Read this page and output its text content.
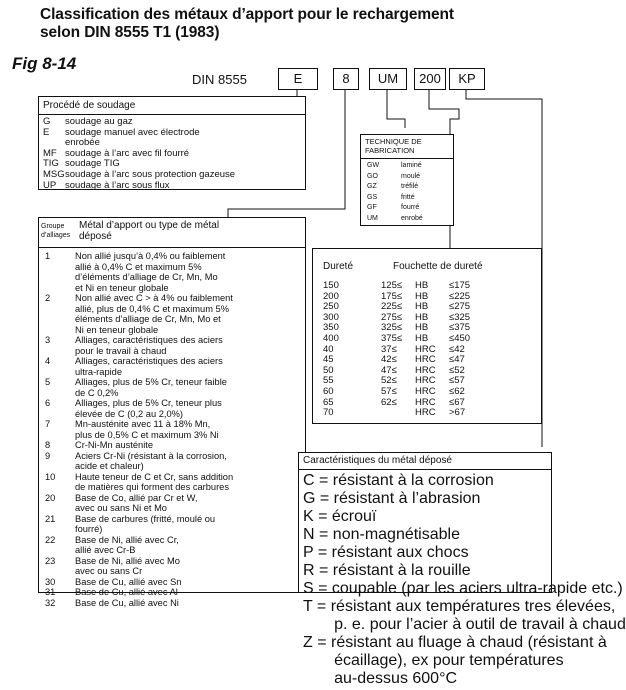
Classification des métaux d’apport pour le rechargement
selon DIN 8555 T1 (1983)
Fig 8-14
DIN 8555	E	8	UM	200	KP
Procédé de soudage
G	soudage au gaz
E	soudage manuel avec électrode
enrobée
MF soudage à l’arc avec fil fourré
TIG soudage TIG
MSG soudage à l’arc sous protection gazeuse
UP soudage à l’arc sous flux
TECHNIQUE DE
FABRICATION
GW	laminé
GO	moulé
GZ	tréfilé
GS	fritté
GF	fourré
UM	enrobé
Groupe
d’alliages
Métal d’apport ou type de métal
déposé
1	Non allié jusqu’à 0,4% ou faiblement
allié à 0,4% C et maximum 5%
d’éléments d’alliage de Cr, Mn, Mo
et Ni en teneur globale
2	Non allié avec C > à 4% ou faiblement
allié, plus de 0,4% C et maximum 5%
éléments d’alliage de Cr, Mn, Mo et
Ni en teneur globale
3	Alliages, caractéristiques des aciers
pour le travail à chaud
4	Alliages, caractéristiques des aciers
ultra-rapide
5	Alliages, plus de 5% Cr, teneur faible
de C 0,2%
6	Alliages, plus de 5% Cr, teneur plus
élevée de C (0,2 au 2,0%)
7	Mn-austénite avec 11 à 18% Mn,
plus de 0,5% C et maximum 3% Ni
8	Cr-Ni-Mn austénite
9	Aciers Cr-Ni (résistant à la corrosion,
acide et chaleur)
10	Haute teneur de C et Cr, sans addition
de matières qui forment des carbures
20	Base de Co, allié par Cr et W,
avec ou sans Ni et Mo
21	Base de carbures (fritté, moulé ou
fourré)
22	Base de Ni, allié avec Cr,
allié avec Cr-B
23	Base de Ni, allié avec Mo
avec ou sans Cr
30	Base de Cu, allié avec Sn
31	Base de Cu, allié avec Al
32	Base de Cu, allié avec Ni
Dureté	Fouchette de dureté
150	125≤	HB	≤175
200	175≤	HB	≤225
250	225≤	HB	≤275
300	275≤	HB	≤325
350	325≤	HB	≤375
400	375≤	HB	≤450
40	37≤	HRC	≤42
45	42≤	HRC	≤47
50	47≤	HRC	≤52
55	52≤	HRC	≤57
60	57≤	HRC	≤62
65	62≤	HRC	≤67
70		HRC	>67
Caractéristiques du métal déposé
C = résistant à la corrosion
G = résistant à l’abrasion
K = écrouï
N = non-magnétisable
P = résistant aux chocs
R = résistant à la rouille
S = coupable (par les aciers ultra-rapide etc.)
T = résistant aux températures tres élevées,
p. e. pour l’acier à outil de travail à chaud
Z = résistant au fluage à chaud (résistant à
écaillage), ex pour températures
au-dessus 600°C
